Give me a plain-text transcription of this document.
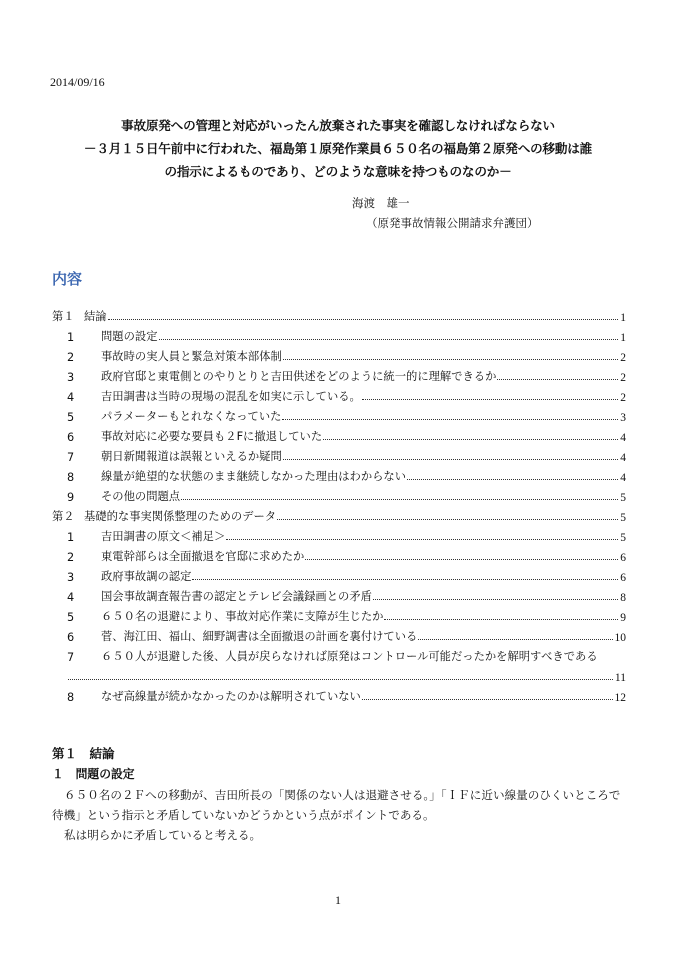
2014/09/16
事故原発への管理と対応がいったん放棄された事実を確認しなければならない
－３月１５日午前中に行われた、福島第１原発作業員６５０名の福島第２原発への移動は誰
の指示によるものであり、どのような意味を持つものなのか－
海渡　雄一
（原発事故情報公開請求弁護団）
内容
第１ 結論	1
1	問題の設定	1
2	事故時の実人員と緊急対策本部体制	2
3	政府官邸と東電側とのやりとりと吉田供述をどのように統一的に理解できるか	2
4	吉田調書は当時の現場の混乱を如実に示している。	2
5	パラメーターもとれなくなっていた	3
6	事故対応に必要な要員も２Fに撤退していた	4
7	朝日新聞報道は誤報といえるか疑問	4
8	線量が絶望的な状態のまま継続しなかった理由はわからない	4
9	その他の問題点	5
第２ 基礎的な事実関係整理のためのデータ	5
1	吉田調書の原文＜補足＞	5
2	東電幹部らは全面撤退を官邸に求めたか	6
3	政府事故調の認定	6
4	国会事故調査報告書の認定とテレビ会議録画との矛盾	8
5	６５０名の退避により、事故対応作業に支障が生じたか	9
6	菅、海江田、福山、細野調書は全面撤退の計画を裏付けている	10
7	６５０人が退避した後、人員が戻らなければ原発はコントロール可能だったかを解明すべきである
11
8	なぜ高線量が続かなかったのかは解明されていない	12
第１　結論
１　問題の設定

６５０名の２Ｆへの移動が、吉田所長の「関係のない人は退避させる。」「ＩＦに近い線量のひくいところで待機」という指示と矛盾していないかどうかという点がポイントである。

私は明らかに矛盾していると考える。

1
